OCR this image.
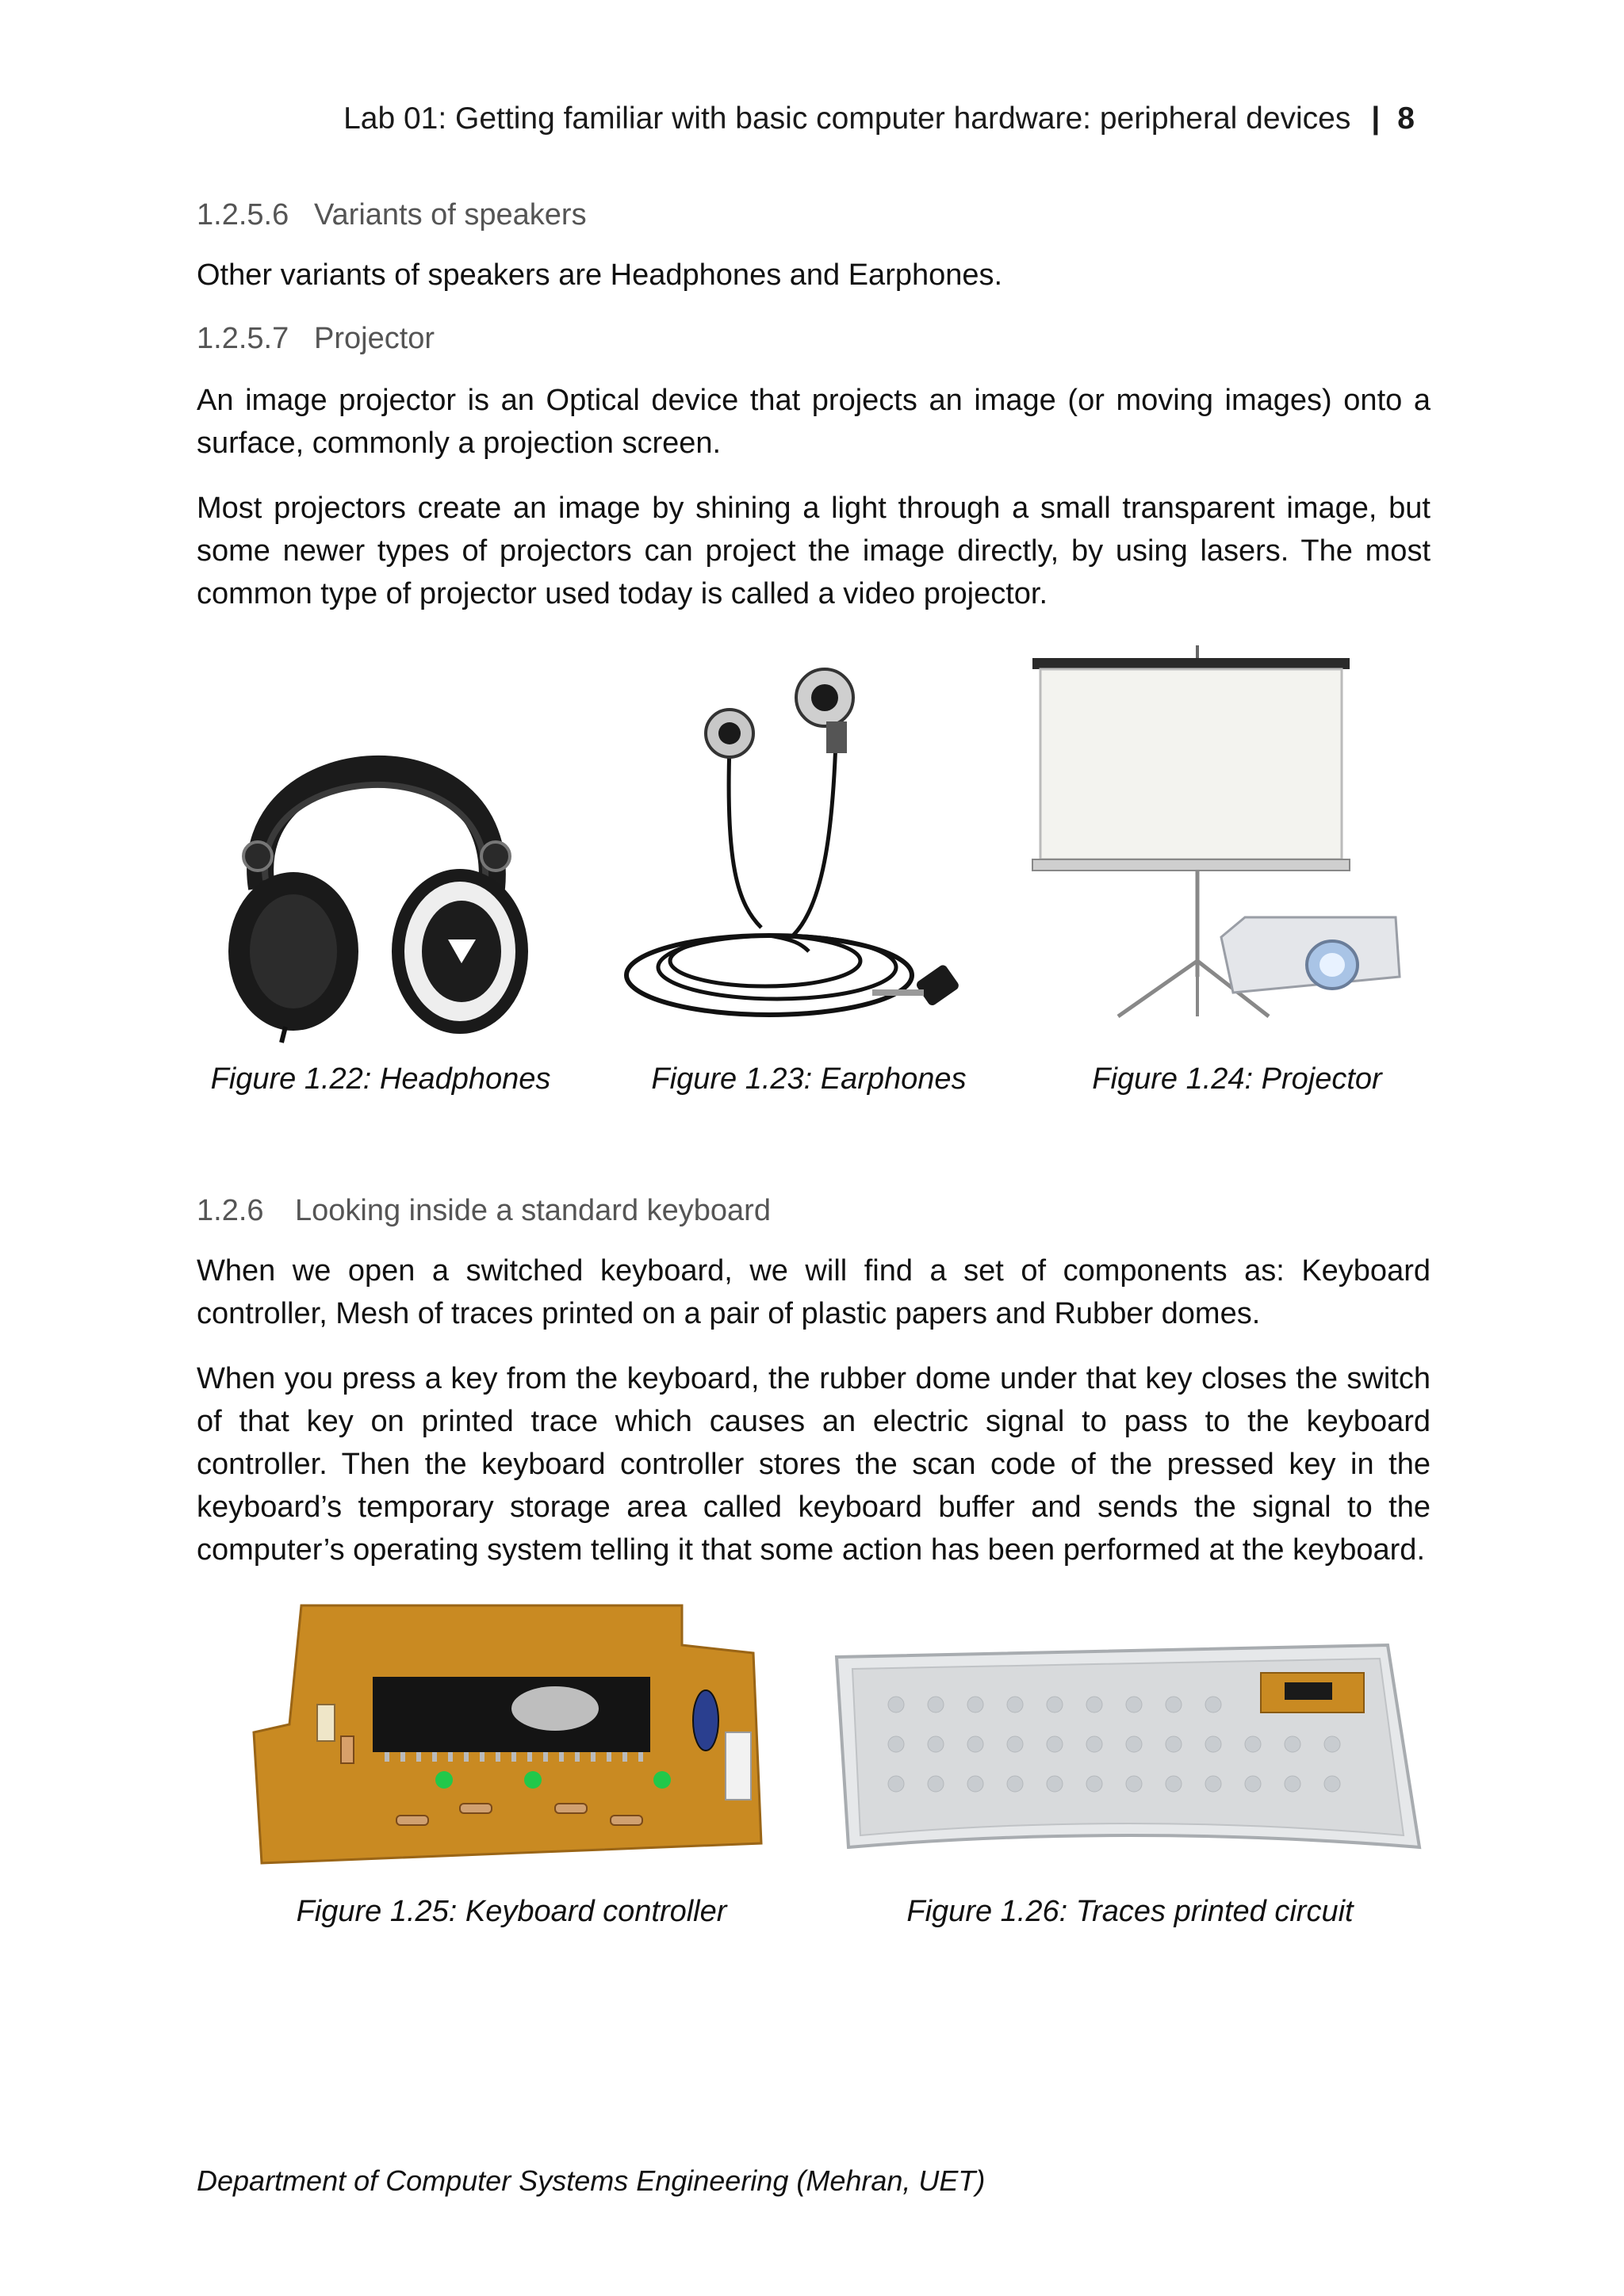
Lab 01: Getting familiar with basic computer hardware: peripheral devices | 8
1.2.5.6 Variants of speakers

Other variants of speakers are Headphones and Earphones.

1.2.5.7 Projector

An image projector is an Optical device that projects an image (or moving images) onto a surface, commonly a projection screen.

Most projectors create an image by shining a light through a small transparent image, but some newer types of projectors can project the image directly, by using lasers. The most common type of projector used today is called a video projector.

Figure 1.22: Headphones	Figure 1.23: Earphones	Figure 1.24: Projector
1.2.6 Looking inside a standard keyboard

When we open a switched keyboard, we will find a set of components as: Keyboard controller, Mesh of traces printed on a pair of plastic papers and Rubber domes.

When you press a key from the keyboard, the rubber dome under that key closes the switch of that key on printed trace which causes an electric signal to pass to the keyboard controller. Then the keyboard controller stores the scan code of the pressed key in the keyboard’s temporary storage area called keyboard buffer and sends the signal to the computer’s operating system telling it that some action has been performed at the keyboard.

Figure 1.25: Keyboard controller	Figure 1.26: Traces printed circuit
Department of Computer Systems Engineering (Mehran, UET)
